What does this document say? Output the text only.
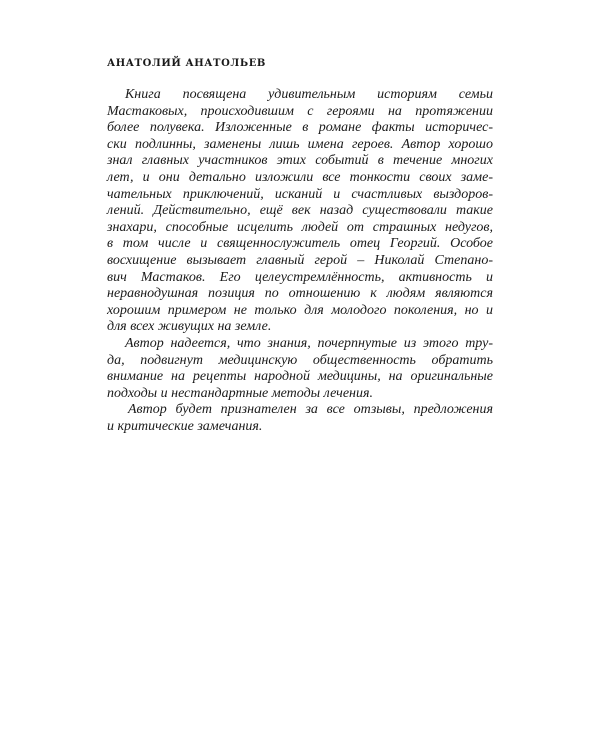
АНАТОЛИЙ АНАТОЛЬЕВ
Книга посвящена удивительным историям семьи
Мастаковых, происходившим с героями на протяжении
более полувека. Изложенные в романе факты историчес-
ски подлинны, заменены лишь имена героев. Автор хорошо
знал главных участников этих событий в течение многих
лет, и они детально изложили все тонкости своих заме-
чательных приключений, исканий и счастливых выздоров-
лений. Действительно, ещё век назад существовали такие
знахари, способные исцелить людей от страшных недугов,
в том числе и священнослужитель отец Георгий. Особое
восхищение вызывает главный герой – Николай Степано-
вич Мастаков. Его целеустремлённость, активность и
неравнодушная позиция по отношению к людям являются
хорошим примером не только для молодого поколения, но и
для всех живущих на земле.
Автор надеется, что знания, почерпнутые из этого тру-
да, подвигнут медицинскую общественность обратить
внимание на рецепты народной медицины, на оригинальные
подходы и нестандартные методы лечения.
Автор будет признателен за все отзывы, предложения
и критические замечания.
